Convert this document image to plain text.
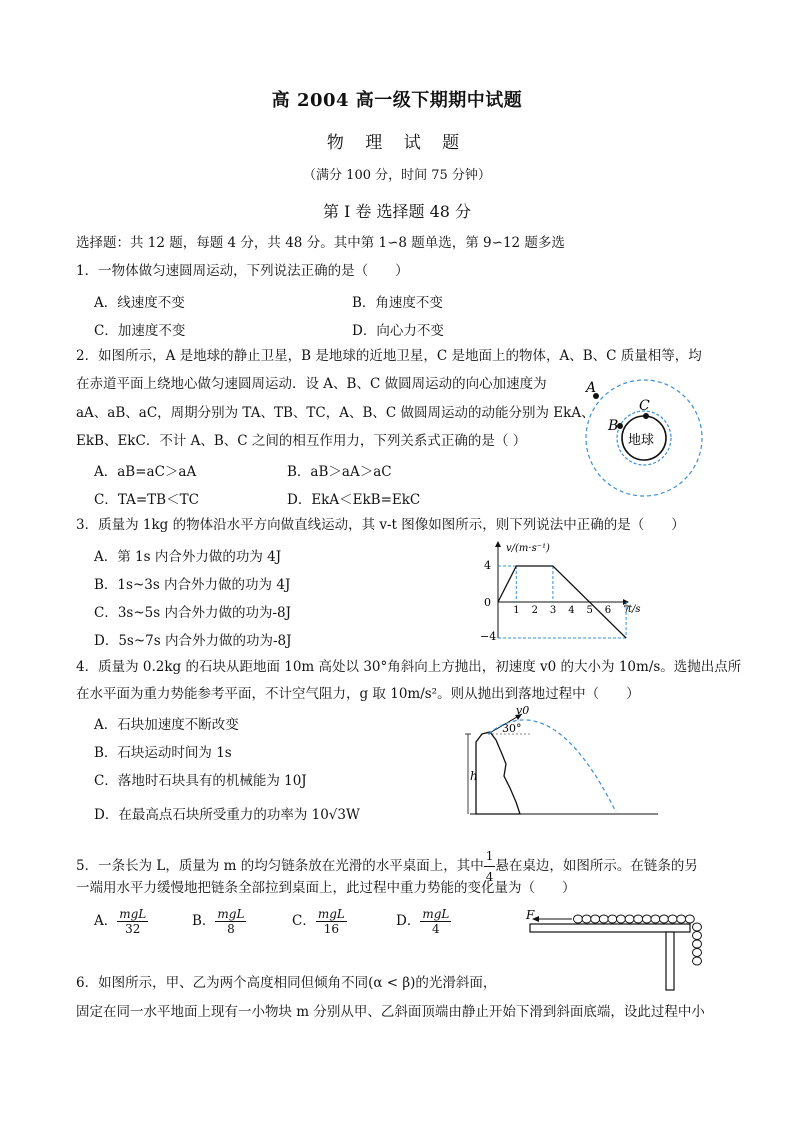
高 2004 高一级下期期中试题
物 理 试 题
（满分 100 分，时间 75 分钟）
第 I 卷 选择题 48 分
选择题：共 12 题，每题 4 分，共 48 分。其中第 1∽8 题单选，第 9∽12 题多选
1．一物体做匀速圆周运动，下列说法正确的是（　　）
A．线速度不变	B．角速度不变
C．加速度不变	D．向心力不变
2．如图所示，A 是地球的静止卫星，B 是地球的近地卫星，C 是地面上的物体，A、B、C 质量相等，均
在赤道平面上绕地心做匀速圆周运动．设 A、B、C 做圆周运动的向心加速度为
aA、aB、aC，周期分别为 TA、TB、TC，A、B、C 做圆周运动的动能分别为 EkA、
EkB、EkC．不计 A、B、C 之间的相互作用力，下列关系式正确的是（ ）
A．aB=aC＞aA	B．aB＞aA＞aC
C．TA=TB＜TC	D．EkA＜EkB=EkC
A
B
C
地球
3．质量为 1kg 的物体沿水平方向做直线运动，其 v-t 图像如图所示，则下列说法中正确的是（　　）
A．第 1s 内合外力做的功为 4J
B．1s~3s 内合外力做的功为 4J
C．3s~5s 内合外力做的功为-8J
D．5s~7s 内合外力做的功为-8J
v/(m·s⁻¹)
t/s
4
0
−4
1 2 3 4 5 6 7
4．质量为 0.2kg 的石块从距地面 10m 高处以 30°角斜向上方抛出，初速度 v0 的大小为 10m/s。选抛出点所
在水平面为重力势能参考平面，不计空气阻力，g 取 10m/s²。则从抛出到落地过程中（　　）
A．石块加速度不断改变
B．石块运动时间为 1s
C．落地时石块具有的机械能为 10J
D．在最高点石块所受重力的功率为 10√3W
h
v0
30°
5．一条长为 L，质量为 m 的均匀链条放在光滑的水平桌面上，其中 $\frac{1}{4}$ 悬在桌边，如图所示。在链条的另
一端用水平力缓慢地把链条全部拉到桌面上，此过程中重力势能的变化量为（　　）
A． $\frac{\text{mgL}}{32}$	B． $\frac{\text{mgL}}{8}$	C． $\frac{\text{mgL}}{16}$	D． $\frac{\text{mgL}}{4}$	F
6．如图所示，甲、乙为两个高度相同但倾角不同(α < β)的光滑斜面，
固定在同一水平地面上现有一小物块 m 分别从甲、乙斜面顶端由静止开始下滑到斜面底端，设此过程中小
